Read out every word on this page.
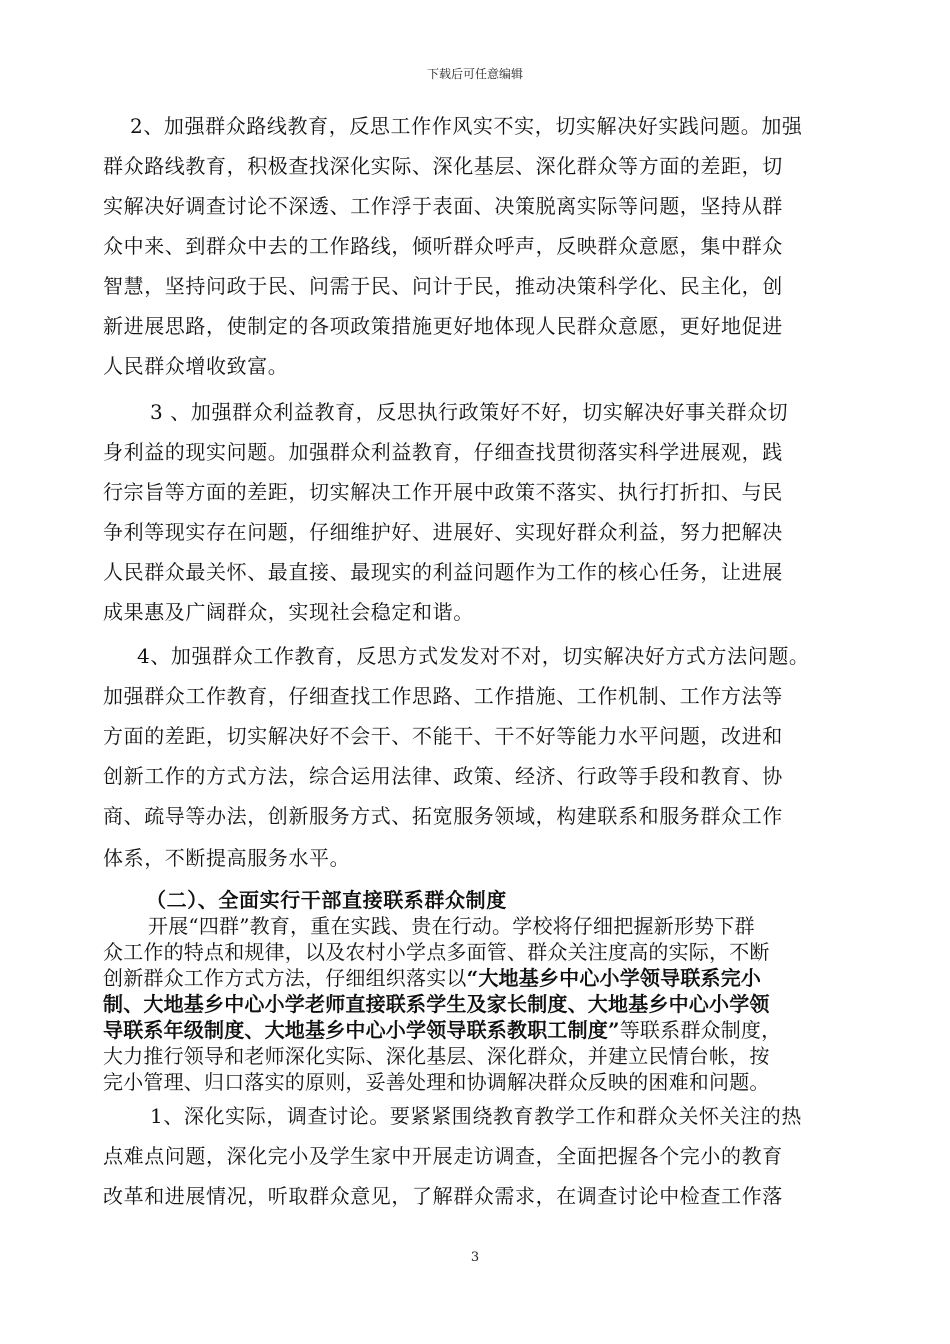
下载后可任意编辑
2、加强群众路线教育，反思工作作风实不实，切实解决好实践问题。加强
群众路线教育，积极查找深化实际、深化基层、深化群众等方面的差距，切
实解决好调查讨论不深透、工作浮于表面、决策脱离实际等问题，坚持从群
众中来、到群众中去的工作路线，倾听群众呼声，反映群众意愿，集中群众
智慧，坚持问政于民、问需于民、问计于民，推动决策科学化、民主化，创
新进展思路，使制定的各项政策措施更好地体现人民群众意愿，更好地促进
人民群众增收致富。
3 、加强群众利益教育，反思执行政策好不好，切实解决好事关群众切
身利益的现实问题。加强群众利益教育，仔细查找贯彻落实科学进展观，践
行宗旨等方面的差距，切实解决工作开展中政策不落实、执行打折扣、与民
争利等现实存在问题，仔细维护好、进展好、实现好群众利益，努力把解决
人民群众最关怀、最直接、最现实的利益问题作为工作的核心任务，让进展
成果惠及广阔群众，实现社会稳定和谐。
4、加强群众工作教育，反思方式发发对不对，切实解决好方式方法问题。
加强群众工作教育，仔细查找工作思路、工作措施、工作机制、工作方法等
方面的差距，切实解决好不会干、不能干、干不好等能力水平问题，改进和
创新工作的方式方法，综合运用法律、政策、经济、行政等手段和教育、协
商、疏导等办法，创新服务方式、拓宽服务领域，构建联系和服务群众工作
体系，不断提高服务水平。
（二）、全面实行干部直接联系群众制度
开展“四群”教育，重在实践、贵在行动。学校将仔细把握新形势下群
众工作的特点和规律，以及农村小学点多面管、群众关注度高的实际，不断
创新群众工作方式方法，仔细组织落实以“大地基乡中心小学领导联系完小
制、大地基乡中心小学老师直接联系学生及家长制度、大地基乡中心小学领
导联系年级制度、大地基乡中心小学领导联系教职工制度”等联系群众制度，
大力推行领导和老师深化实际、深化基层、深化群众，并建立民情台帐，按
完小管理、归口落实的原则，妥善处理和协调解决群众反映的困难和问题。
1、深化实际，调查讨论。要紧紧围绕教育教学工作和群众关怀关注的热
点难点问题，深化完小及学生家中开展走访调查，全面把握各个完小的教育
改革和进展情况，听取群众意见，了解群众需求，在调查讨论中检查工作落
3
